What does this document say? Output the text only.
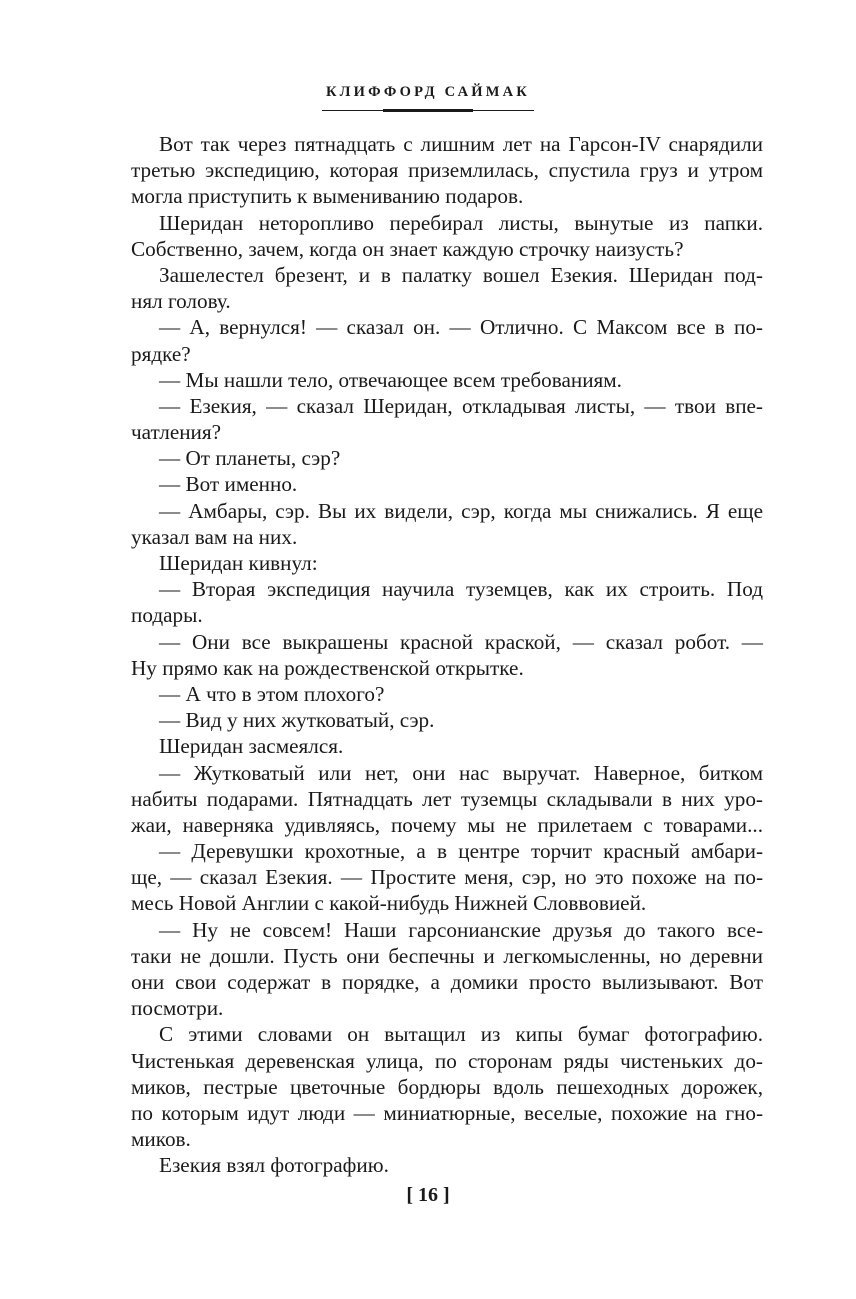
КЛИФФОРД САЙМАК
Вот так через пятнадцать с лишним лет на Гарсон-IV снарядили
третью экспедицию, которая приземлилась, спустила груз и утром
могла приступить к вымениванию подаров.
Шеридан неторопливо перебирал листы, вынутые из папки.
Собственно, зачем, когда он знает каждую строчку наизусть?
Зашелестел брезент, и в палатку вошел Езекия. Шеридан под-
нял голову.
— А, вернулся! — сказал он. — Отлично. С Максом все в по-
рядке?
— Мы нашли тело, отвечающее всем требованиям.
— Езекия, — сказал Шеридан, откладывая листы, — твои впе-
чатления?
— От планеты, сэр?
— Вот именно.
— Амбары, сэр. Вы их видели, сэр, когда мы снижались. Я еще
указал вам на них.
Шеридан кивнул:
— Вторая экспедиция научила туземцев, как их строить. Под
подары.
— Они все выкрашены красной краской, — сказал робот. —
Ну прямо как на рождественской открытке.
— А что в этом плохого?
— Вид у них жутковатый, сэр.
Шеридан засмеялся.
— Жутковатый или нет, они нас выручат. Наверное, битком
набиты подарами. Пятнадцать лет туземцы складывали в них уро-
жаи, наверняка удивляясь, почему мы не прилетаем с товарами...
— Деревушки крохотные, а в центре торчит красный амбари-
ще, — сказал Езекия. — Простите меня, сэр, но это похоже на по-
месь Новой Англии с какой-нибудь Нижней Словвовией.
— Ну не совсем! Наши гарсонианские друзья до такого все-
таки не дошли. Пусть они беспечны и легкомысленны, но деревни
они свои содержат в порядке, а домики просто вылизывают. Вот
посмотри.
С этими словами он вытащил из кипы бумаг фотографию.
Чистенькая деревенская улица, по сторонам ряды чистеньких до-
миков, пестрые цветочные бордюры вдоль пешеходных дорожек,
по которым идут люди — миниатюрные, веселые, похожие на гно-
миков.
Езекия взял фотографию.
[ 16 ]
